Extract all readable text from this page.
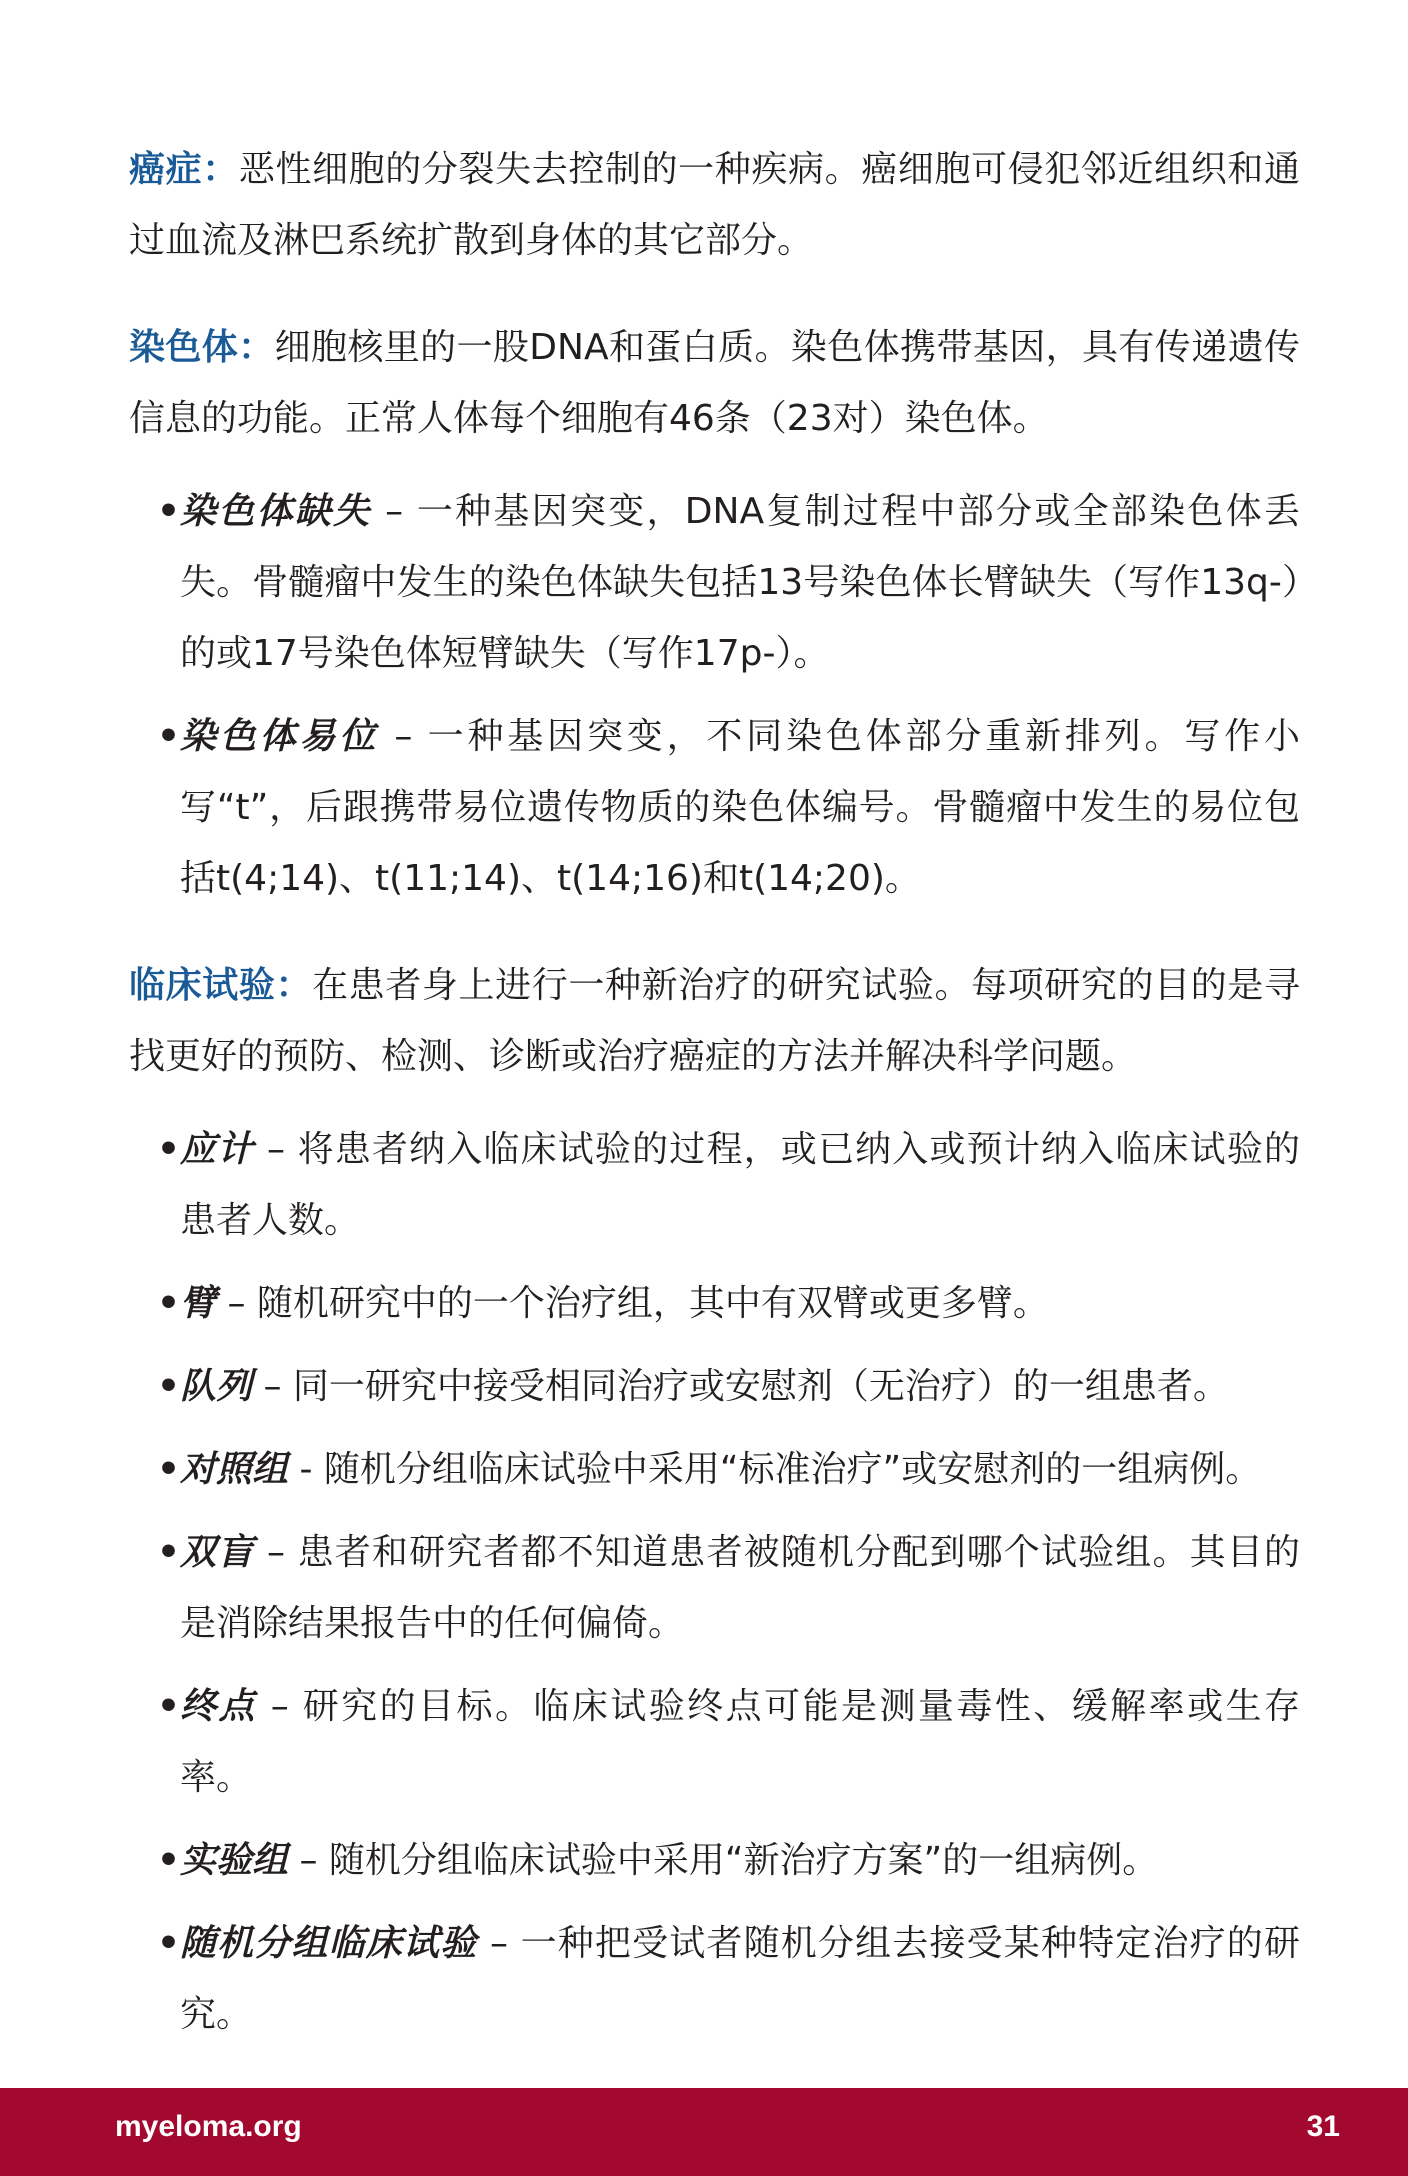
癌症：恶性细胞的分裂失去控制的一种疾病。癌细胞可侵犯邻近组织和通过血流及淋巴系统扩散到身体的其它部分。

染色体：细胞核里的一股DNA和蛋白质。染色体携带基因，具有传递遗传信息的功能。正常人体每个细胞有46条（23对）染色体。

• 染色体缺失 – 一种基因突变，DNA复制过程中部分或全部染色体丢失。骨髓瘤中发生的染色体缺失包括13号染色体长臂缺失（写作13q-）的或17号染色体短臂缺失（写作17p-）。
• 染色体易位 – 一种基因突变，不同染色体部分重新排列。写作小写“t”，后跟携带易位遗传物质的染色体编号。骨髓瘤中发生的易位包括t(4;14)、t(11;14)、t(14;16)和t(14;20)。

临床试验：在患者身上进行一种新治疗的研究试验。每项研究的目的是寻找更好的预防、检测、诊断或治疗癌症的方法并解决科学问题。

• 应计 – 将患者纳入临床试验的过程，或已纳入或预计纳入临床试验的患者人数。
• 臂 – 随机研究中的一个治疗组，其中有双臂或更多臂。
• 队列 – 同一研究中接受相同治疗或安慰剂（无治疗）的一组患者。
• 对照组 - 随机分组临床试验中采用“标准治疗”或安慰剂的一组病例。
• 双盲 – 患者和研究者都不知道患者被随机分配到哪个试验组。其目的是消除结果报告中的任何偏倚。
• 终点 – 研究的目标。临床试验终点可能是测量毒性、缓解率或生存率。
• 实验组 – 随机分组临床试验中采用“新治疗方案”的一组病例。
• 随机分组临床试验 – 一种把受试者随机分组去接受某种特定治疗的研究。
myeloma.org	31
